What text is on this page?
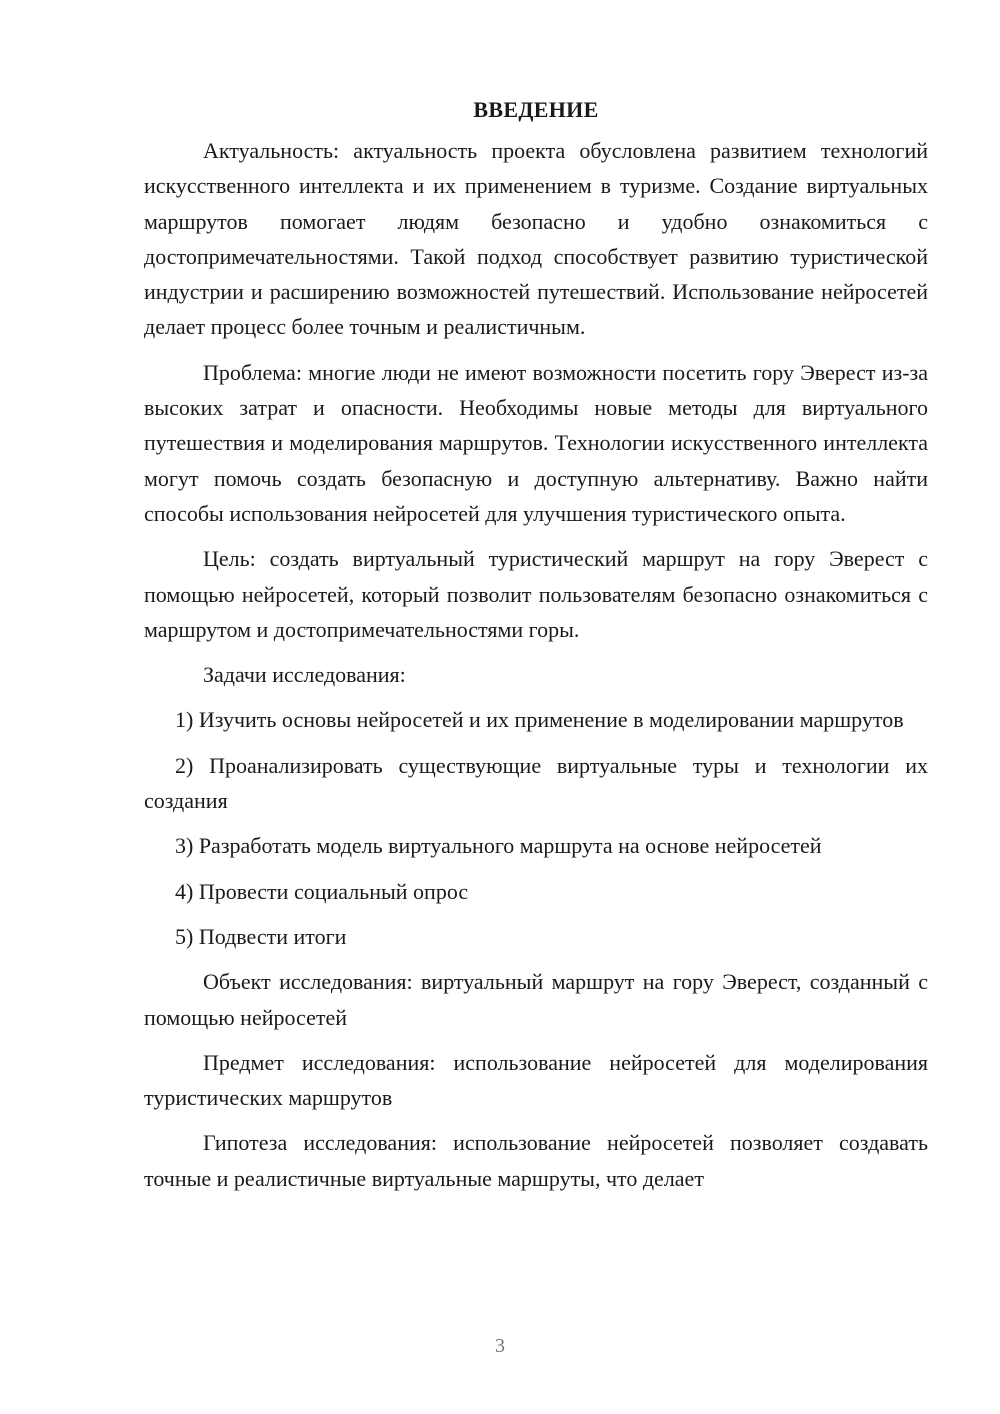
ВВЕДЕНИЕ

Актуальность: актуальность проекта обусловлена развитием технологий искусственного интеллекта и их применением в туризме. Создание виртуальных маршрутов помогает людям безопасно и удобно ознакомиться с достопримечательностями. Такой подход способствует развитию туристической индустрии и расширению возможностей путешествий. Использование нейросетей делает процесс более точным и реалистичным.

Проблема: многие люди не имеют возможности посетить гору Эверест из-за высоких затрат и опасности. Необходимы новые методы для виртуального путешествия и моделирования маршрутов. Технологии искусственного интеллекта могут помочь создать безопасную и доступную альтернативу. Важно найти способы использования нейросетей для улучшения туристического опыта.

Цель: создать виртуальный туристический маршрут на гору Эверест с помощью нейросетей, который позволит пользователям безопасно ознакомиться с маршрутом и достопримечательностями горы.

Задачи исследования:

1) Изучить основы нейросетей и их применение в моделировании маршрутов

2) Проанализировать существующие виртуальные туры и технологии их создания

3) Разработать модель виртуального маршрута на основе нейросетей

4) Провести социальный опрос

5) Подвести итоги

Объект исследования: виртуальный маршрут на гору Эверест, созданный с помощью нейросетей

Предмет исследования: использование нейросетей для моделирования туристических маршрутов

Гипотеза исследования: использование нейросетей позволяет создавать точные и реалистичные виртуальные маршруты, что делает

3
